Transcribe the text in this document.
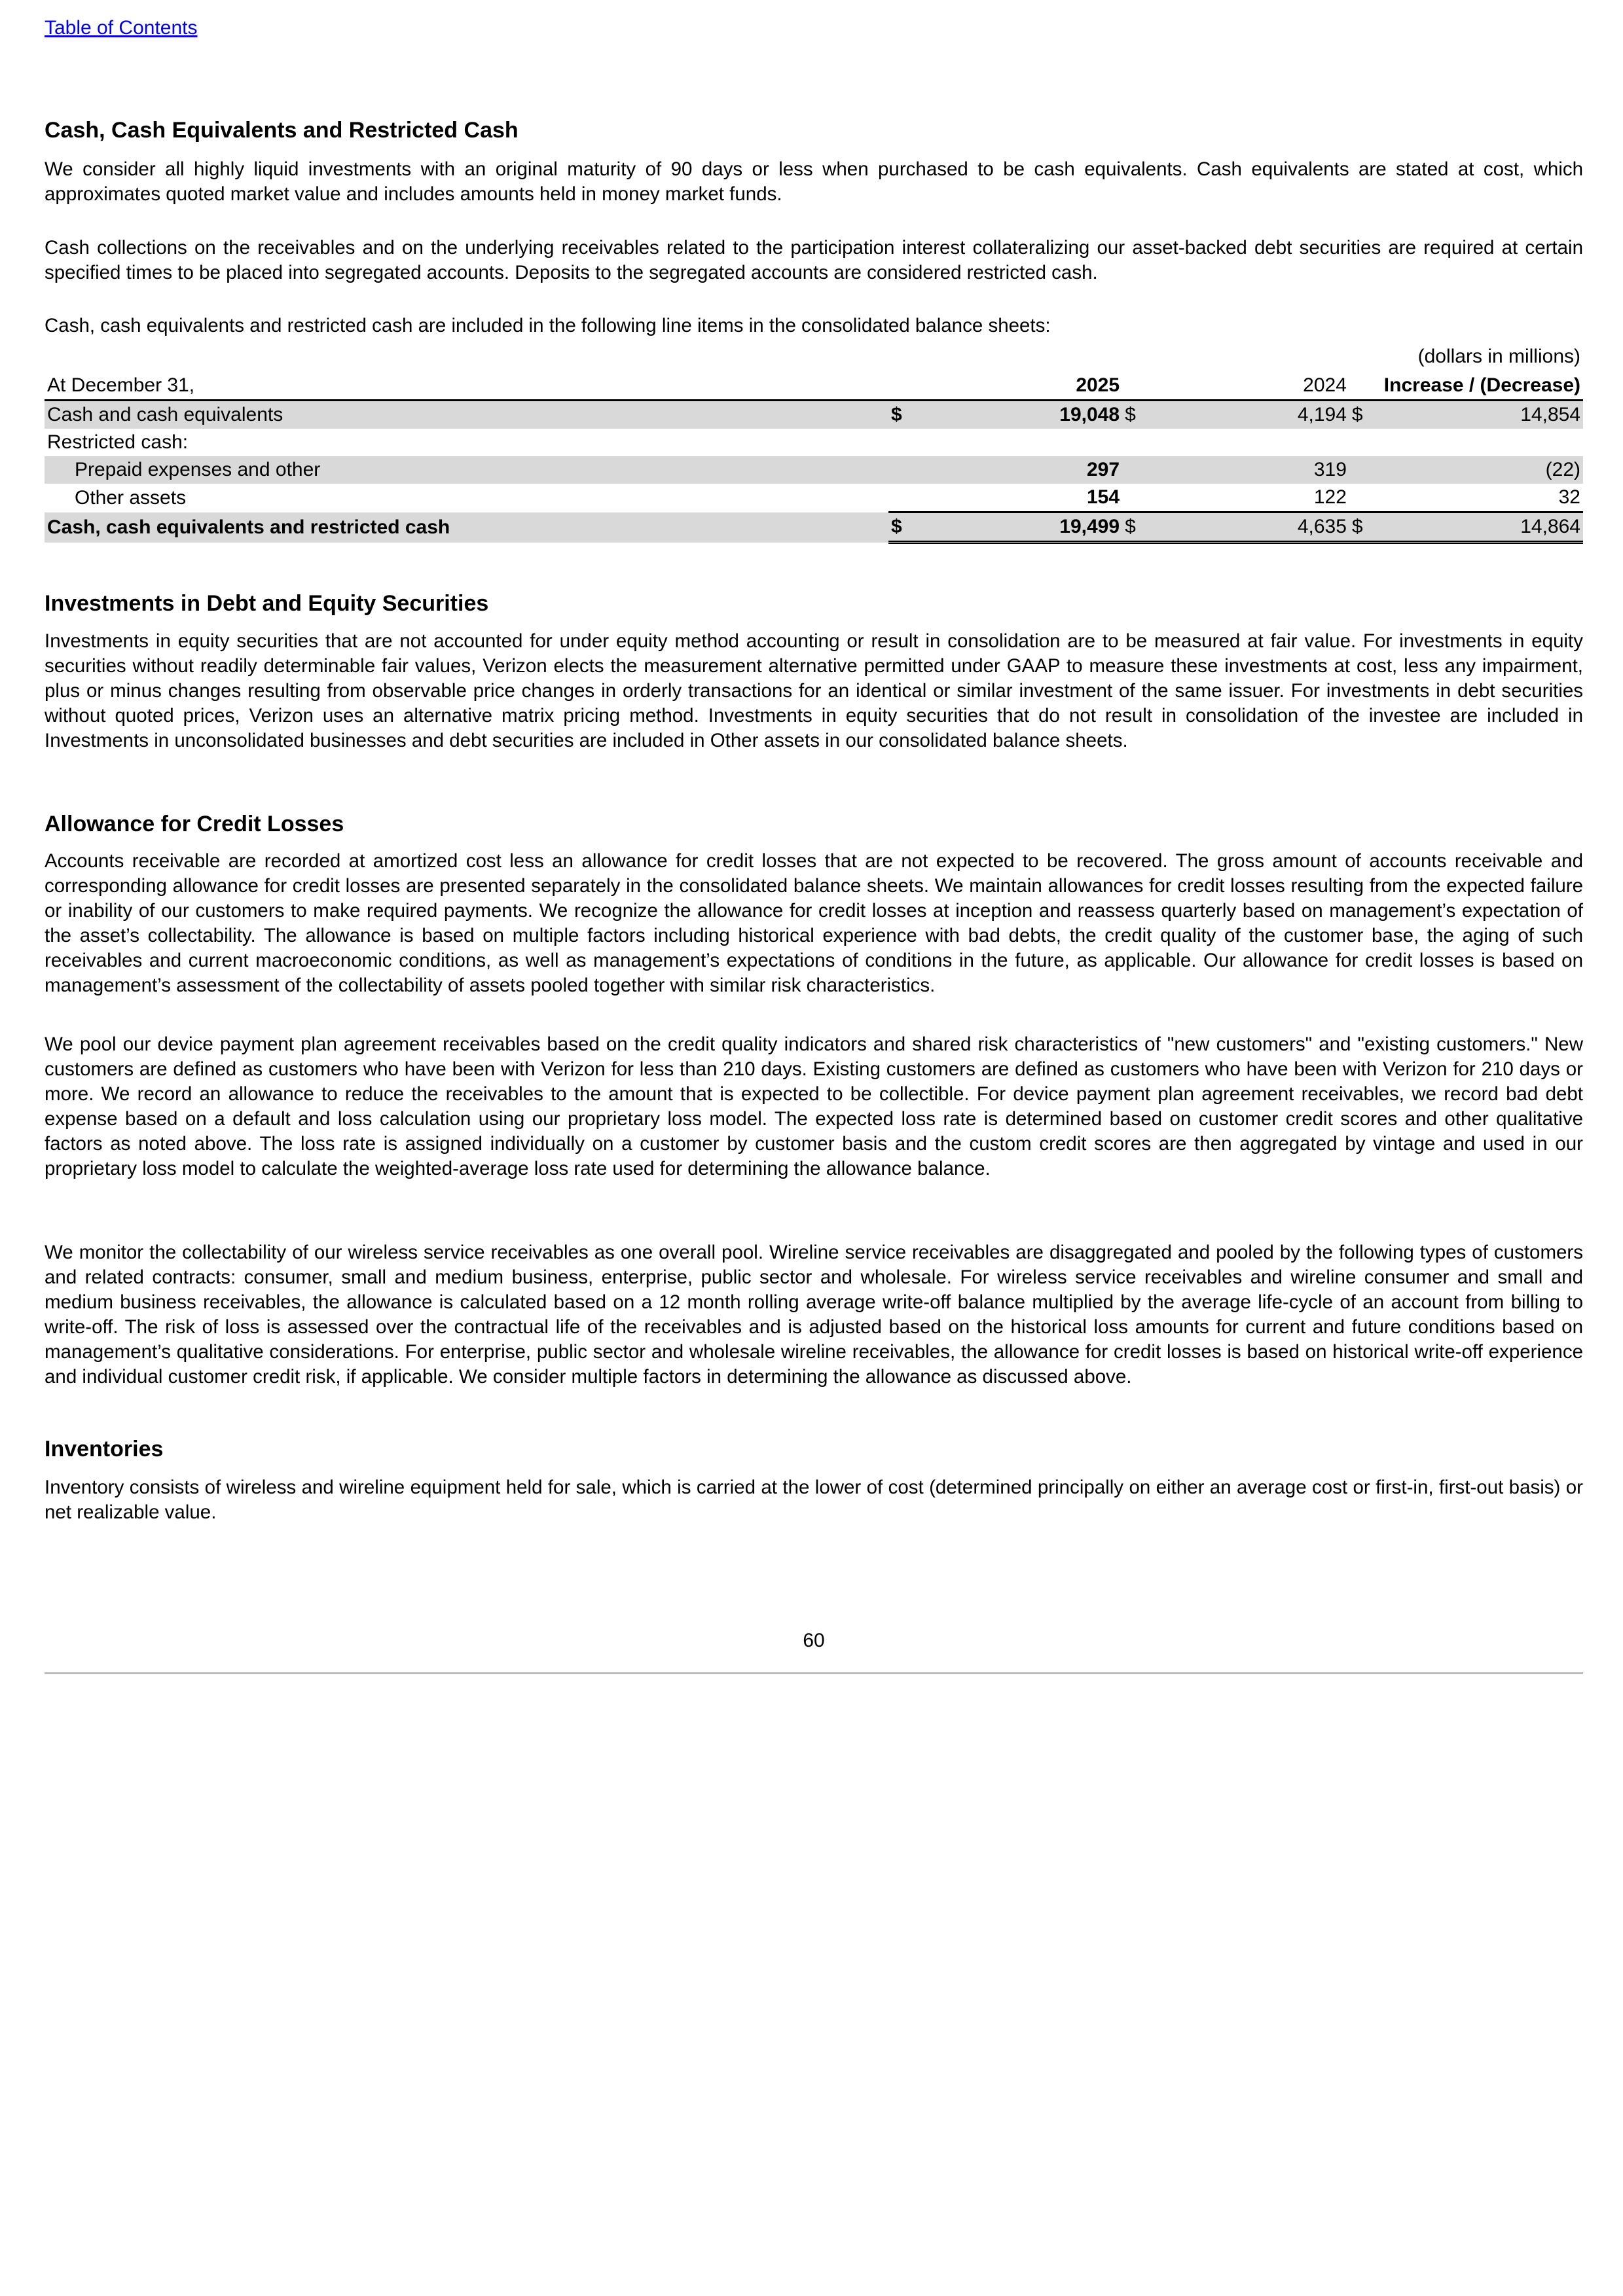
Table of Contents
Cash, Cash Equivalents and Restricted Cash

We consider all highly liquid investments with an original maturity of 90 days or less when purchased to be cash equivalents. Cash equivalents are stated at cost, which approximates quoted market value and includes amounts held in money market funds.

Cash collections on the receivables and on the underlying receivables related to the participation interest collateralizing our asset-backed debt securities are required at certain specified times to be placed into segregated accounts. Deposits to the segregated accounts are considered restricted cash.

Cash, cash equivalents and restricted cash are included in the following line items in the consolidated balance sheets:

(dollars in millions)
At December 31,		2025		2024		Increase / (Decrease)
Cash and cash equivalents	$	19,048	$	4,194	$	14,854
Restricted cash:						
Prepaid expenses and other		297		319		(22)
Other assets		154		122		32
Cash, cash equivalents and restricted cash	$	19,499	$	4,635	$	14,864
Investments in Debt and Equity Securities

Investments in equity securities that are not accounted for under equity method accounting or result in consolidation are to be measured at fair value. For investments in equity securities without readily determinable fair values, Verizon elects the measurement alternative permitted under GAAP to measure these investments at cost, less any impairment, plus or minus changes resulting from observable price changes in orderly transactions for an identical or similar investment of the same issuer. For investments in debt securities without quoted prices, Verizon uses an alternative matrix pricing method. Investments in equity securities that do not result in consolidation of the investee are included in Investments in unconsolidated businesses and debt securities are included in Other assets in our consolidated balance sheets.

Allowance for Credit Losses

Accounts receivable are recorded at amortized cost less an allowance for credit losses that are not expected to be recovered. The gross amount of accounts receivable and corresponding allowance for credit losses are presented separately in the consolidated balance sheets. We maintain allowances for credit losses resulting from the expected failure or inability of our customers to make required payments. We recognize the allowance for credit losses at inception and reassess quarterly based on management’s expectation of the asset’s collectability. The allowance is based on multiple factors including historical experience with bad debts, the credit quality of the customer base, the aging of such receivables and current macroeconomic conditions, as well as management’s expectations of conditions in the future, as applicable. Our allowance for credit losses is based on management’s assessment of the collectability of assets pooled together with similar risk characteristics.

We pool our device payment plan agreement receivables based on the credit quality indicators and shared risk characteristics of "new customers" and "existing customers." New customers are defined as customers who have been with Verizon for less than 210 days. Existing customers are defined as customers who have been with Verizon for 210 days or more. We record an allowance to reduce the receivables to the amount that is expected to be collectible. For device payment plan agreement receivables, we record bad debt expense based on a default and loss calculation using our proprietary loss model. The expected loss rate is determined based on customer credit scores and other qualitative factors as noted above. The loss rate is assigned individually on a customer by customer basis and the custom credit scores are then aggregated by vintage and used in our proprietary loss model to calculate the weighted-average loss rate used for determining the allowance balance.

We monitor the collectability of our wireless service receivables as one overall pool. Wireline service receivables are disaggregated and pooled by the following types of customers and related contracts: consumer, small and medium business, enterprise, public sector and wholesale. For wireless service receivables and wireline consumer and small and medium business receivables, the allowance is calculated based on a 12 month rolling average write-off balance multiplied by the average life-cycle of an account from billing to write-off. The risk of loss is assessed over the contractual life of the receivables and is adjusted based on the historical loss amounts for current and future conditions based on management’s qualitative considerations. For enterprise, public sector and wholesale wireline receivables, the allowance for credit losses is based on historical write-off experience and individual customer credit risk, if applicable. We consider multiple factors in determining the allowance as discussed above.

Inventories

Inventory consists of wireless and wireline equipment held for sale, which is carried at the lower of cost (determined principally on either an average cost or first-in, first-out basis) or net realizable value.

60
